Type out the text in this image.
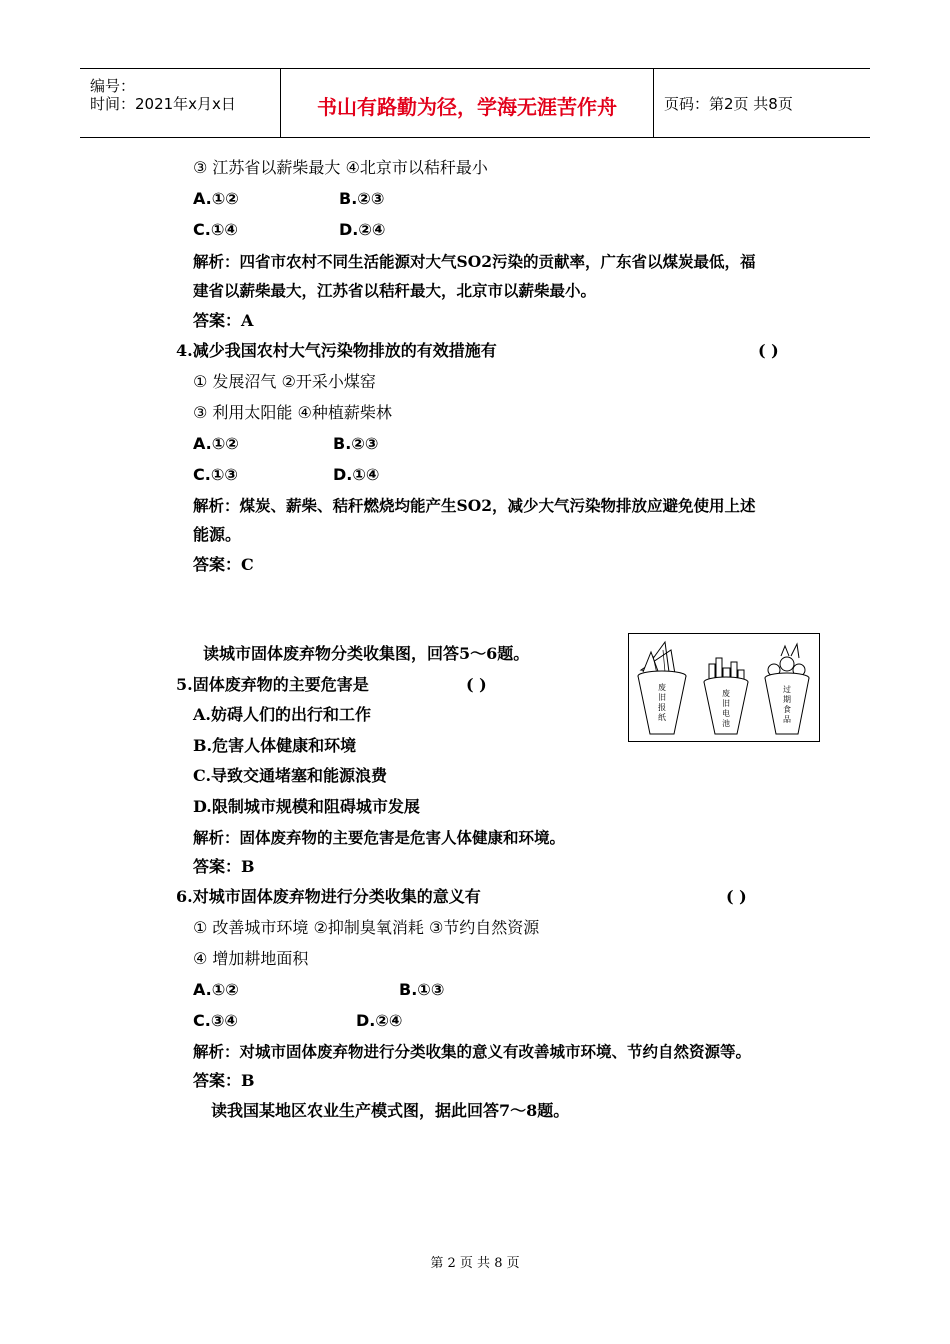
编号：
时间：2021年x月x日	书山有路勤为径，学海无涯苦作舟	页码：第2页 共8页
③ 江苏省以薪柴最大 ④北京市以秸秆最小
A.①②	B.②③
C.①④	D.②④
解析：四省市农村不同生活能源对大气SO2污染的贡献率，广东省以煤炭最低，福
建省以薪柴最大，江苏省以秸秆最大，北京市以薪柴最小。
答案：A
4.减少我国农村大气污染物排放的有效措施有	( )
① 发展沼气 ②开采小煤窑
③ 利用太阳能 ④种植薪柴林
A.①②	B.②③
C.①③	D.①④
解析：煤炭、薪柴、秸秆燃烧均能产生SO2，减少大气污染物排放应避免使用上述
能源。
答案：C
读城市固体废弃物分类收集图，回答5～6题。
废
旧
报
纸
废
旧
电
池
过
期
食
品
5.固体废弃物的主要危害是	( )
A.妨碍人们的出行和工作
B.危害人体健康和环境
C.导致交通堵塞和能源浪费
D.限制城市规模和阻碍城市发展
解析：固体废弃物的主要危害是危害人体健康和环境。
答案：B
6.对城市固体废弃物进行分类收集的意义有	( )
① 改善城市环境 ②抑制臭氧消耗 ③节约自然资源
④ 增加耕地面积
A.①②	B.①③
C.③④	D.②④
解析：对城市固体废弃物进行分类收集的意义有改善城市环境、节约自然资源等。
答案：B
读我国某地区农业生产模式图，据此回答7～8题。
第 2 页 共 8 页
